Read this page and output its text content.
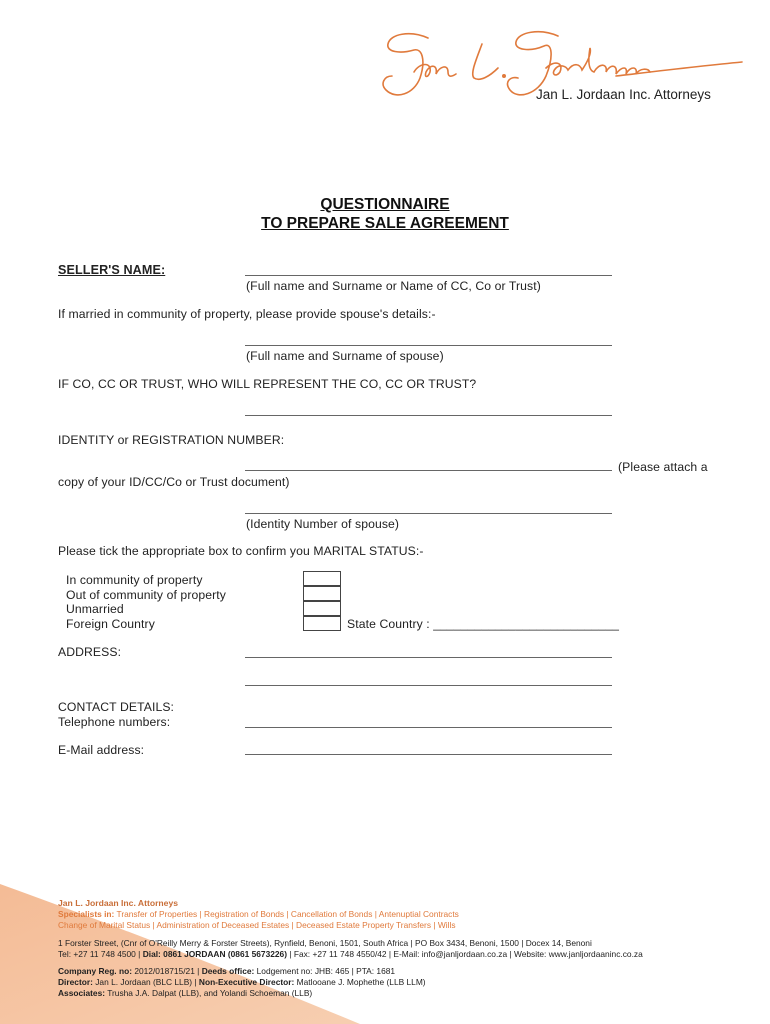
Jan L. Jordaan Inc. Attorneys
QUESTIONNAIRE
TO PREPARE SALE AGREEMENT
SELLER'S NAME:
(Full name and Surname or Name of CC, Co or Trust)
If married in community of property, please provide spouse's details:-
(Full name and Surname of spouse)
IF CO, CC OR TRUST, WHO WILL REPRESENT THE CO, CC OR TRUST?
IDENTITY or REGISTRATION NUMBER:
(Please attach a
copy of your ID/CC/Co or Trust document)
(Identity Number of spouse)
Please tick the appropriate box to confirm you MARITAL STATUS:-
In community of property
Out of community of property
Unmarried
Foreign Country	State Country : ___________________________
ADDRESS:
CONTACT DETAILS:
Telephone numbers:
E-Mail address:
Jan L. Jordaan Inc. Attorneys
Specialists in: Transfer of Properties | Registration of Bonds | Cancellation of Bonds | Antenuptial Contracts
Change of Marital Status | Administration of Deceased Estates | Deceased Estate Property Transfers | Wills
1 Forster Street, (Cnr of O'Reilly Merry & Forster Streets), Rynfield, Benoni, 1501, South Africa | PO Box 3434, Benoni, 1500 | Docex 14, Benoni
Tel: +27 11 748 4500 | Dial: 0861 JORDAAN (0861 5673226) | Fax: +27 11 748 4550/42 | E-Mail: info@janljordaan.co.za | Website: www.janljordaaninc.co.za
Company Reg. no: 2012/018715/21 | Deeds office: Lodgement no: JHB: 465 | PTA: 1681
Director: Jan L. Jordaan (BLC LLB) | Non-Executive Director: Matlooane J. Mophethe (LLB LLM)
Associates: Trusha J.A. Dalpat (LLB), and Yolandi Schoeman (LLB)
